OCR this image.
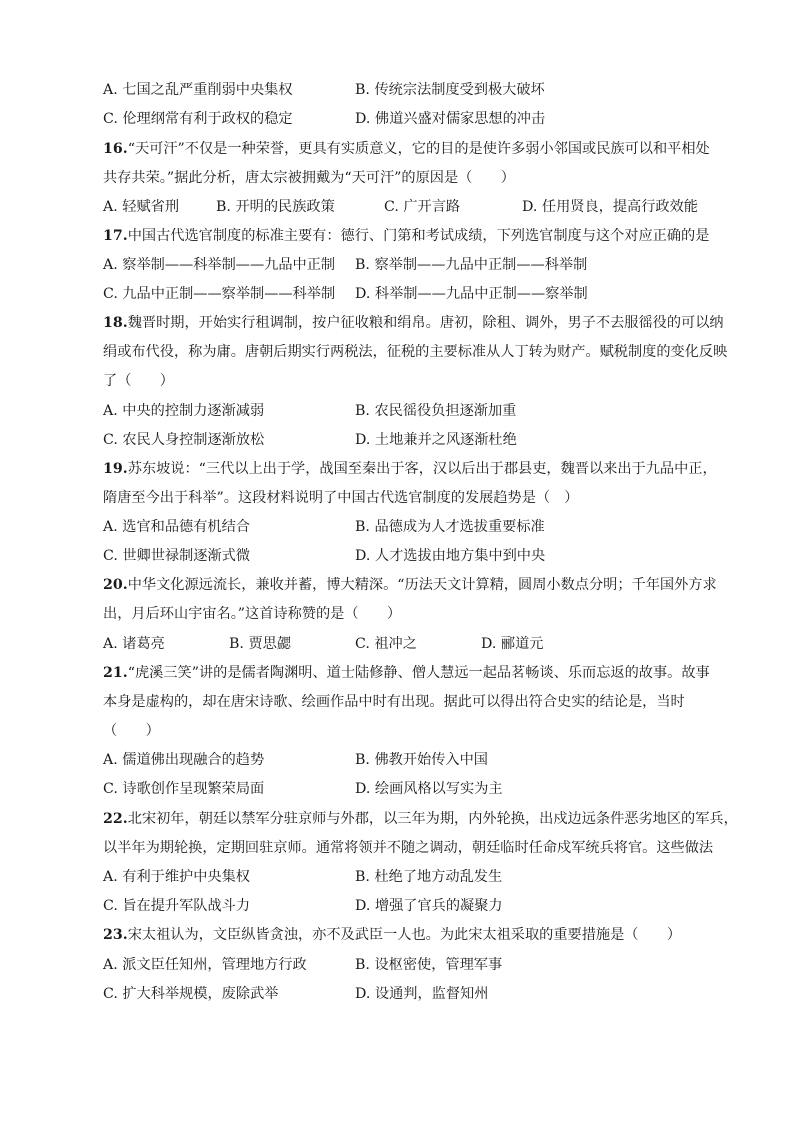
A. 七国之乱严重削弱中央集权	B. 传统宗法制度受到极大破坏
C. 伦理纲常有利于政权的稳定	D. 佛道兴盛对儒家思想的冲击
16.“天可汗”不仅是一种荣誉，更具有实质意义，它的目的是使许多弱小邻国或民族可以和平相处
共存共荣。”据此分析，唐太宗被拥戴为“天可汗”的原因是（　　）
A. 轻赋省刑	B. 开明的民族政策	C. 广开言路	D. 任用贤良，提高行政效能
17.中国古代选官制度的标准主要有：德行、门第和考试成绩，下列选官制度与这个对应正确的是
A. 察举制——科举制——九品中正制 B. 察举制——九品中正制——科举制
C. 九品中正制——察举制——科举制 D. 科举制——九品中正制——察举制
18.魏晋时期，开始实行租调制，按户征收粮和绢帛。唐初，除租、调外，男子不去服徭役的可以纳
绢或布代役，称为庸。唐朝后期实行两税法，征税的主要标准从人丁转为财产。赋税制度的变化反映
了（　　）
A. 中央的控制力逐渐减弱	B. 农民徭役负担逐渐加重
C. 农民人身控制逐渐放松	D. 土地兼并之风逐渐杜绝
19.苏东坡说：“三代以上出于学，战国至秦出于客，汉以后出于郡县吏，魏晋以来出于九品中正，
隋唐至今出于科举”。这段材料说明了中国古代选官制度的发展趋势是（　）
A. 选官和品德有机结合	B. 品德成为人才选拔重要标准
C. 世卿世禄制逐渐式微	D. 人才选拔由地方集中到中央
20.中华文化源远流长，兼收并蓄，博大精深。“历法天文计算精，圆周小数点分明；千年国外方求
出，月后环山宇宙名。”这首诗称赞的是（　　）
A. 诸葛亮	B. 贾思勰	C. 祖冲之	D. 郦道元
21.“虎溪三笑”讲的是儒者陶渊明、道士陆修静、僧人慧远一起品茗畅谈、乐而忘返的故事。故事
本身是虚构的，却在唐宋诗歌、绘画作品中时有出现。据此可以得出符合史实的结论是，当时
（　　）
A. 儒道佛出现融合的趋势	B. 佛教开始传入中国
C. 诗歌创作呈现繁荣局面	D. 绘画风格以写实为主
22.北宋初年，朝廷以禁军分驻京师与外郡，以三年为期，内外轮换，出戍边远条件恶劣地区的军兵，
以半年为期轮换，定期回驻京师。通常将领并不随之调动，朝廷临时任命戍军统兵将官。这些做法
A. 有利于维护中央集权	B. 杜绝了地方动乱发生
C. 旨在提升军队战斗力	D. 增强了官兵的凝聚力
23.宋太祖认为，文臣纵皆贪浊，亦不及武臣一人也。为此宋太祖采取的重要措施是（　　）
A. 派文臣任知州，管理地方行政	B. 设枢密使，管理军事
C. 扩大科举规模，废除武举	D. 设通判，监督知州
